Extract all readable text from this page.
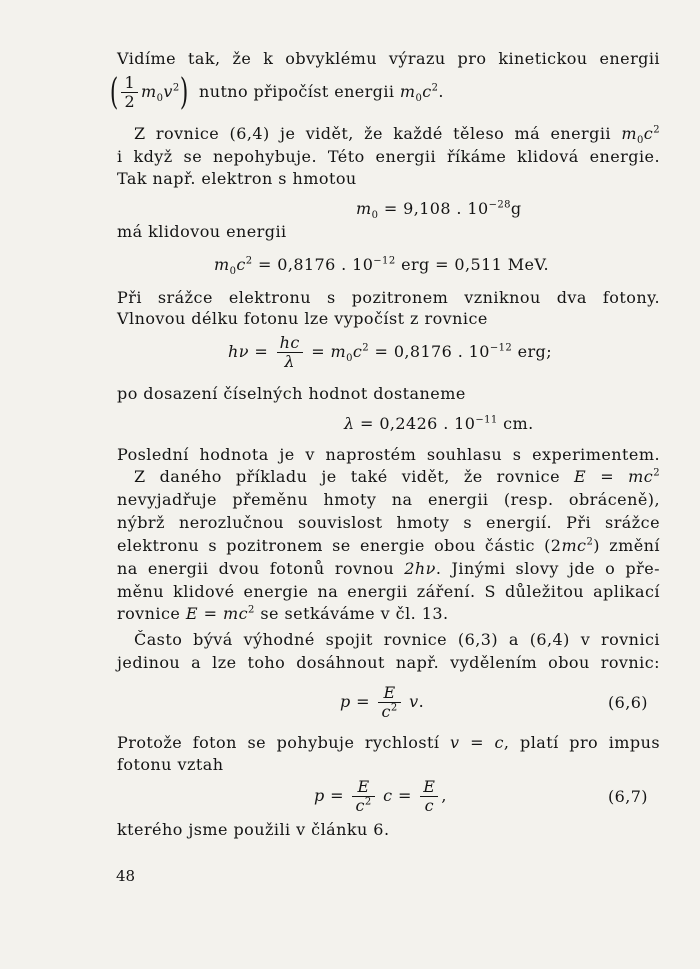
Vidíme tak, že k obvyklému výrazu pro kinetickou energii
( $\frac{1}{2} m_0v^2$) nutno připočíst energii $m_0c^2$.
Z rovnice (6,4) je vidět, že každé těleso má energii $m_0c^2$
i když se nepohybuje. Této energii říkáme klidová energie.
Tak např. elektron s hmotou
$m_0 = 9,108$ . $10^{-28}g$
má klidovou energii
$m_0c^2 = 0,8176$ . $10^{-12}$ erg = 0,511 MeV.
Při srážce elektronu s pozitronem vzniknou dva fotony.
Vlnovou délku fotonu lze vypočíst z rovnice
$h\nu = \frac{hc}{\lambda} = m_0c^2 = 0,8176$ . $10^{-12}$ erg;
po dosazení číselných hodnot dostaneme
λ = 0,2426 . $10^{-11}$ cm.
Poslední hodnota je v naprostém souhlasu s experimentem.
Z daného příkladu je také vidět, že rovnice $E = mc^2$
nevyjadřuje přeměnu hmoty na energii (resp. obráceně),
nýbrž nerozlučnou souvislost hmoty s energií. Při srážce
elektronu s pozitronem se energie obou částic $(2mc^2)$ změní
na energii dvou fotonů rovnou 2hν. Jinými slovy jde o pře-
měnu klidové energie na energii záření. S důležitou aplikací
rovnice $E = mc^2$ se setkáváme v čl. 13.
Často bývá výhodné spojit rovnice (6,3) a (6,4) v rovnici
jedinou a lze toho dosáhnout např. vydělením obou rovnic:
$p = \frac{E}{c^2} v$.	(6,6)
Protože foton se pohybuje rychlostí v = c, platí pro impus
fotonu vztah
$p = \frac{E}{c^2}$ $c = \frac{E}{c}$ ,	(6,7)
kterého jsme použili v článku 6.
48
